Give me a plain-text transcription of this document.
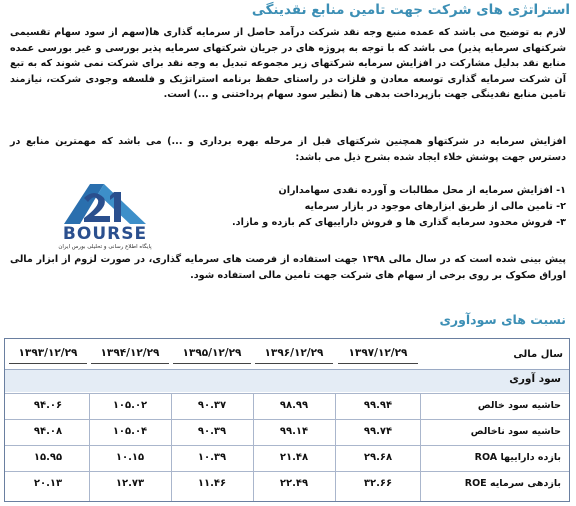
استراتژی های شرکت جهت تامین منابع نقدینگی
لازم به توضیح می باشد که عمده منبع وجه نقد شرکت درآمد حاصل از سرمایه گذاری ها(سهم از سود سهام تقسیمی شرکتهای سرمایه پذیر) می باشد که با توجه به پروژه های در جریان شرکتهای سرمایه پذیر بورسی و غیر بورسی عمده منابع نقد بدلیل مشارکت در افزایش سرمایه شرکتهای زیر مجموعه تبدیل به وجه نقد برای شرکت نمی شوند که به تبع آن شرکت سرمایه گذاری توسعه معادن و فلزات در راستای حفظ برنامه استراتژیک و فلسفه وجودی شرکت، نیازمند تامین منابع نقدینگی جهت بازپرداخت بدهی ها (نظیر سود سهام پرداختنی و ...) است.
افزایش سرمایه در شرکتهاو همچنین شرکتهای قبل از مرحله بهره برداری و ...) می باشد که مهمترین منابع در دسترس جهت پوشش خلاء ایجاد شده بشرح ذیل می باشد:
۱- افزایش سرمایه از محل مطالبات و آورده نقدی سهامداران
۲- تامین مالی از طریق ابزارهای موجود در بازار سرمایه
۳- فروش محدود سرمایه گذاری ها و فروش داراییهای کم بازده و مازاد.
پیش بینی شده است که در سال مالی ۱۳۹۸ جهت استفاده از فرصت های سرمایه گذاری، در صورت لزوم از ابزار مالی اوراق صکوک بر روی برخی از سهام های شرکت جهت تامین مالی استفاده شود.
BOURSE
پایگاه اطلاع رسانی و تحلیلی بورس ایران
نسبت های سودآوری
۱۳۹۷/۱۲/۲۹
۱۳۹۶/۱۲/۲۹
۱۳۹۵/۱۲/۲۹
۱۳۹۴/۱۲/۲۹
۱۳۹۳/۱۲/۲۹	سال مالی
سود آوری
حاشیه سود خالص
۹۹.۹۴
۹۸.۹۹
۹۰.۳۷
۱۰۵.۰۲
۹۴.۰۶
حاشیه سود ناخالص
۹۹.۷۴
۹۹.۱۴
۹۰.۳۹
۱۰۵.۰۴
۹۴.۰۸
بازده داراییها ROA
۲۹.۶۸
۲۱.۴۸
۱۰.۳۹
۱۰.۱۵
۱۵.۹۵
بازدهی سرمایه ROE
۳۲.۶۶
۲۲.۴۹
۱۱.۴۶
۱۲.۷۳
۲۰.۱۳
